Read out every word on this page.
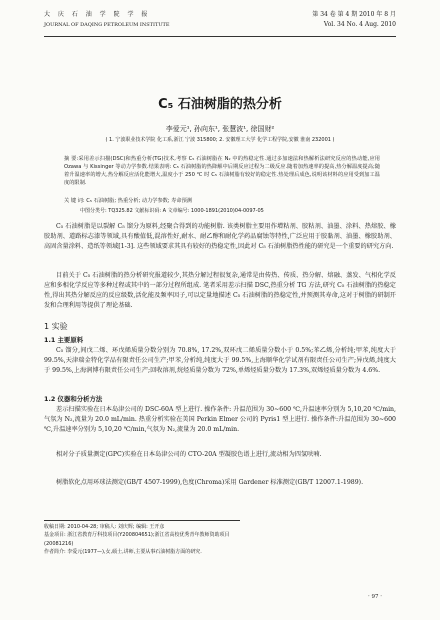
大 庆 石 油 学 院 学 报
JOURNAL OF DAQING PETROLEUM INSTITUTE
第 34 卷 第 4 期 2010 年 8 月
Vol. 34 No. 4 Aug. 2010
C₅ 石油树脂的热分析
李爱元¹, 孙向东¹, 张慧波¹, 徐国财²
( 1. 宁波职业技术学院 化工系,浙江 宁波 315800; 2. 安徽理工大学 化学工程学院,安徽 淮南 232001 )
摘 要:采用差示扫描(DSC)和热重分析(TG)技术,考察 C₅ 石油树脂在 N₂ 中的热稳定性.通过多加速法和热解析法研究反应的热动能,应用 Ozawa 与 Kissinger 等动力学参数.结果表明: C₅ 石油树脂的热降解中后期反应过程为二级反应.随着加热速率的提高,热分解温度提高;随着升温速率的增大,热分解反应活化能增大,温度小于 250 ℃ 时 C₅ 石油树脂有较好的稳定性.热处理后成色,说明该材料的应用受到加工温度的限制.
关 键 词: C₅ 石油树脂; 热重分析; 动力学参数; 寿命预测
中图分类号: TQ325.82 文献标识码: A 文章编号: 1000-1891(2010)04-0097-05
C₅ 石油树脂是以裂解 C₅ 馏分为原料,经聚合得到的功能树脂. 该类树脂主要用作增粘剂、胶粘剂、油墨、涂料、热熔胶、橡胶助剂、道路标志漆等领域,具有酸值低,混溶性好,耐水、耐乙醇和耐化学药品腐蚀等特性,广泛应用于胶黏剂、油墨、橡胶助剂、高固含量涂料、造纸等领域[1-3]. 这些领域要求其具有较好的热稳定性,因此对 C₅ 石油树脂热性能的研究是一个重要的研究方向.
目前关于 C₅ 石油树脂的热分析研究报道较少,其热分解过程很复杂,通常是由传热、传质、热分解、熔融、蒸发、气相化学反应和多相化学反应等多种过程或其中的一部分过程所组成. 笔者采用差示扫描 DSC,热重分析 TG 方法,研究 C₅ 石油树脂的热稳定性,得出其热分解反应的反应级数,活化能及频率因子,可以定量地描述 C₅ 石油树脂的热稳定性,并预测其寿命,这对于树脂的研制开发和合理利用等提供了理论基础.
1 实验
1.1 主要原料
C₅ 馏分,间戊二烯、环戊烯质量分数分别为 70.8%, 17.2%,双环戊二烯质量分数小于 0.5%;苯乙烯,分析纯;甲苯,纯度大于 99.5%,天津瑞金特化学品有限责任公司生产;甲苯,分析纯,纯度大于 99.5%,上海顺华化学试剂有限责任公司生产;异戊烯,纯度大于 99.5%,上海润博有限责任公司生产;回收溶剂,烷烃质量分数为 72%,单烯烃质量分数为 17.3%,双烯烃质量分数为 4.6%.
1.2 仪器和分析方法
差示扫描实验在日本岛津公司的 DSC-60A 型上进行. 操作条件: 升温范围为 30~600 ℃,升温速率分别为 5,10,20 ℃/min,气氛为 N₂,流量为 20.0 mL/min. 热重分析实验在美国 Perkin Elmer 公司的 Pyris1 型上进行. 操作条件:升温范围为 30~600 ℃,升温速率分别为 5,10,20 ℃/min,气氛为 N₂,流量为 20.0 mL/min.
相对分子质量测定(GPC)实验在日本岛津公司的 CTO-20A 型凝胶色谱上进行,流动相为四氢呋喃.
树脂软化点用环球法测定(GB/T 4507-1999),色度(Chroma)采用 Gardener 标准测定(GB/T 12007.1-1989).
收稿日期: 2010-04-28; 审稿人: 刘庆辉; 编辑: 王开彦
基金项目: 浙江省教育厅科技项目(Y200804651);浙江省高校优秀青年教师资助项目(20081216)
作者简介: 李爱元(1977—),女,硕士,讲师,主要从事石油树脂方面的研究.
· 97 ·
